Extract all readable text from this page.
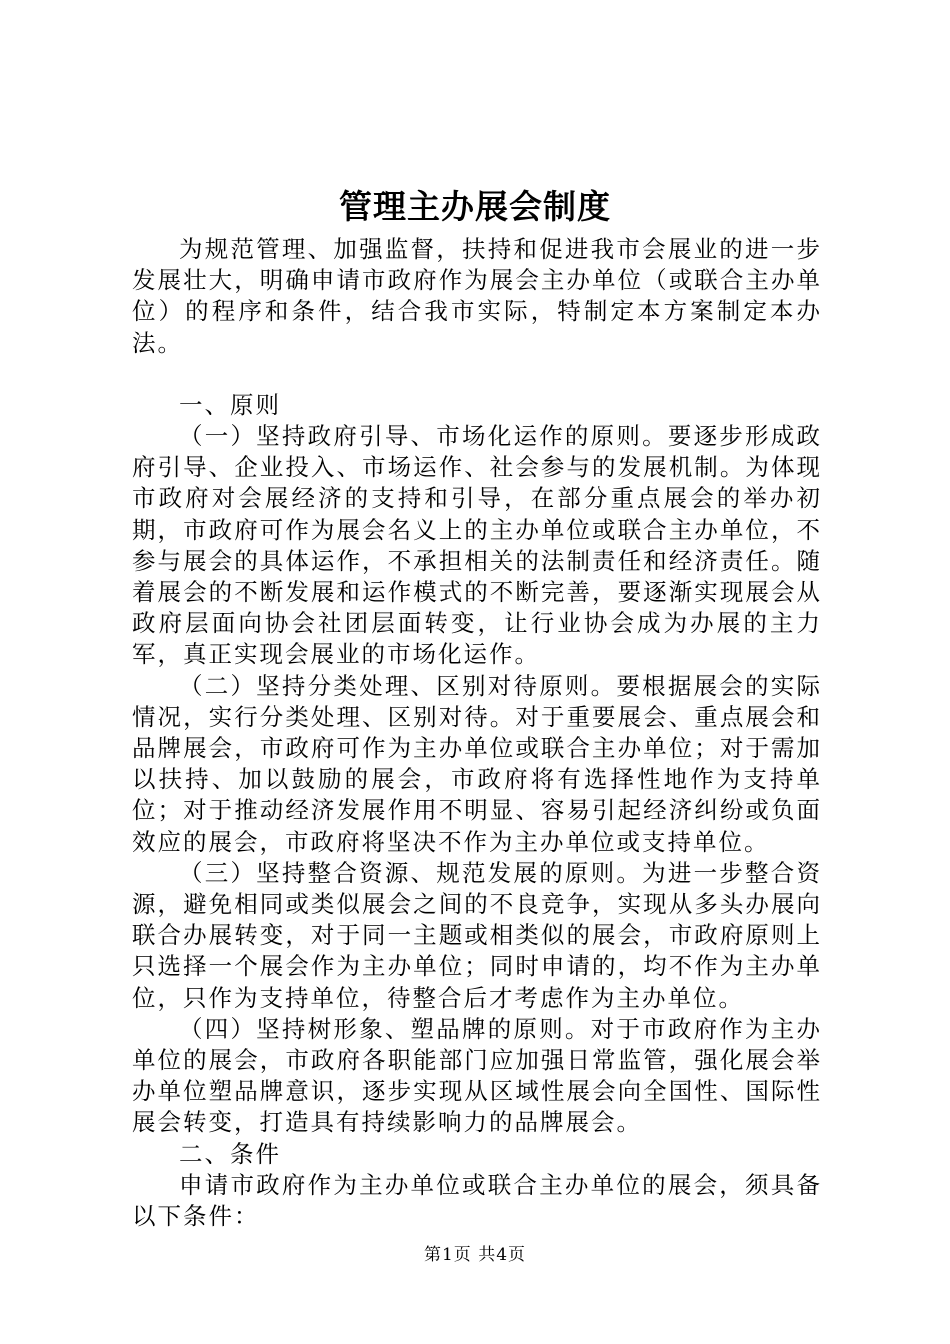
管理主办展会制度

为规范管理、加强监督，扶持和促进我市会展业的进一步发展壮大，明确申请市政府作为展会主办单位（或联合主办单位）的程序和条件，结合我市实际，特制定本方案制定本办法。

一、原则

（一）坚持政府引导、市场化运作的原则。要逐步形成政府引导、企业投入、市场运作、社会参与的发展机制。为体现市政府对会展经济的支持和引导，在部分重点展会的举办初期，市政府可作为展会名义上的主办单位或联合主办单位，不参与展会的具体运作，不承担相关的法制责任和经济责任。随着展会的不断发展和运作模式的不断完善，要逐渐实现展会从政府层面向协会社团层面转变，让行业协会成为办展的主力军，真正实现会展业的市场化运作。

（二）坚持分类处理、区别对待原则。要根据展会的实际情况，实行分类处理、区别对待。对于重要展会、重点展会和品牌展会，市政府可作为主办单位或联合主办单位；对于需加以扶持、加以鼓励的展会，市政府将有选择性地作为支持单位；对于推动经济发展作用不明显、容易引起经济纠纷或负面效应的展会，市政府将坚决不作为主办单位或支持单位。

（三）坚持整合资源、规范发展的原则。为进一步整合资源，避免相同或类似展会之间的不良竞争，实现从多头办展向联合办展转变，对于同一主题或相类似的展会，市政府原则上只选择一个展会作为主办单位；同时申请的，均不作为主办单位，只作为支持单位，待整合后才考虑作为主办单位。

（四）坚持树形象、塑品牌的原则。对于市政府作为主办单位的展会，市政府各职能部门应加强日常监管，强化展会举办单位塑品牌意识，逐步实现从区域性展会向全国性、国际性展会转变，打造具有持续影响力的品牌展会。

二、条件

申请市政府作为主办单位或联合主办单位的展会，须具备以下条件：

第1页 共4页
